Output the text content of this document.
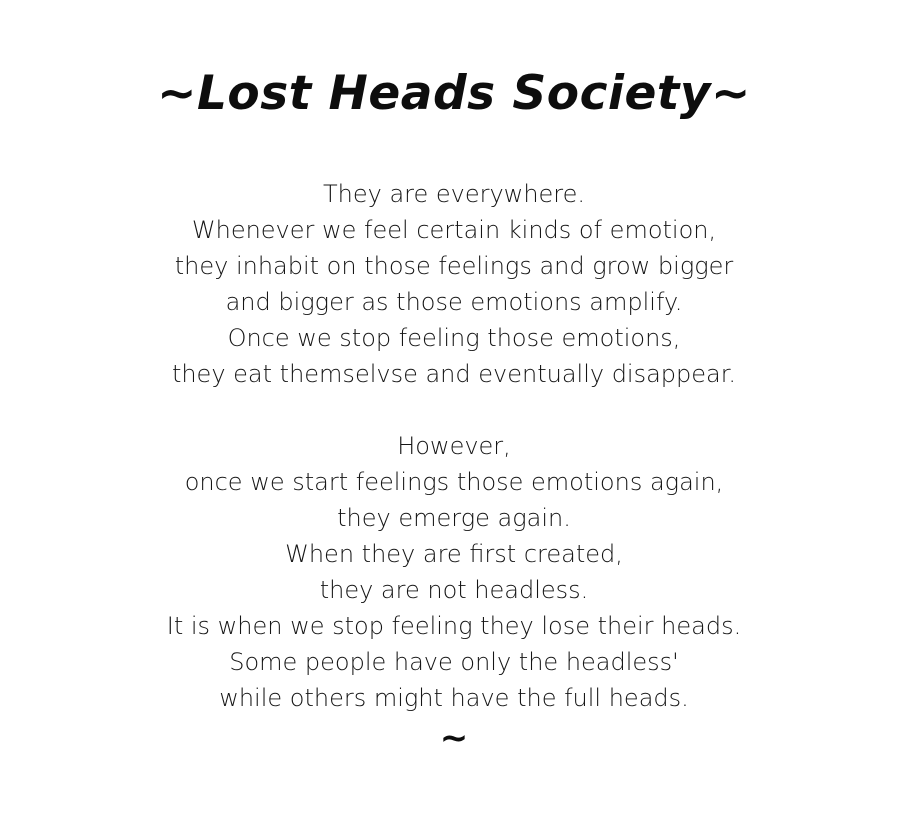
~Lost Heads Society~

They are everywhere.
Whenever we feel certain kinds of emotion,
they inhabit on those feelings and grow bigger
and bigger as those emotions amplify.
Once we stop feeling those emotions,
they eat themselvse and eventually disappear.

However,
once we start feelings those emotions again,
they emerge again.
When they are first created,
they are not headless.
It is when we stop feeling they lose their heads.
Some people have only the headless'
while others might have the full heads.

~
